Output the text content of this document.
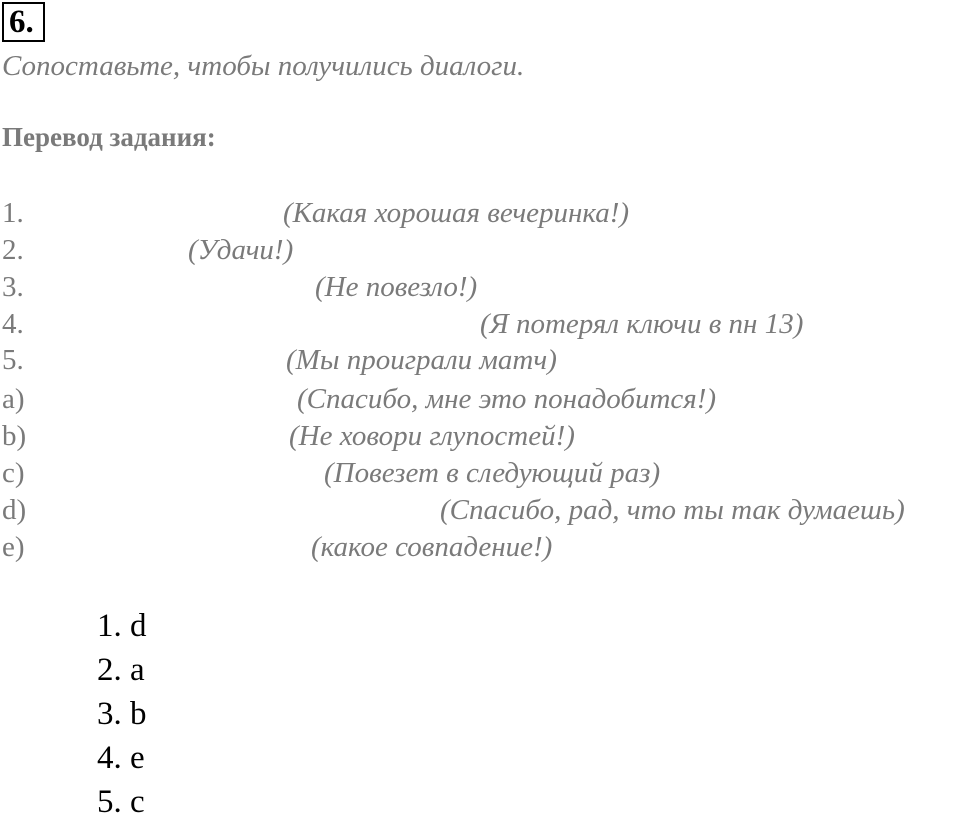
6.
Сопоставьте, чтобы получились диалоги.
Перевод задания:
1.	(Какая хорошая вечеринка!)
2.	(Удачи!)
3.	(Не повезло!)
4.	(Я потерял ключи в пн 13)
5.	(Мы проиграли матч)
a)	(Спасибо, мне это понадобится!)
b)	(Не ховори глупостей!)
c)	(Повезет в следующий раз)
d)	(Спасибо, рад, что ты так думаешь)
e)	(какое совпадение!)
1. d
2. a
3. b
4. e
5. c
